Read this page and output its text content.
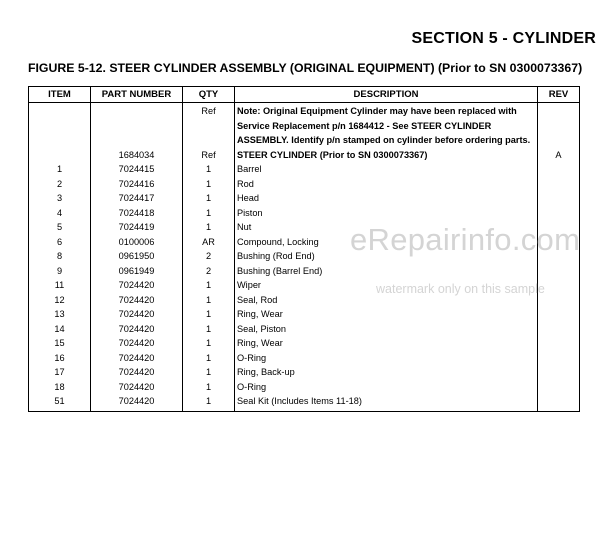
SECTION 5 - CYLINDER
FIGURE 5-12. STEER CYLINDER ASSEMBLY (ORIGINAL EQUIPMENT) (Prior to SN 0300073367)
ITEM	PART NUMBER	QTY	DESCRIPTION	REV
		Ref	Note: Original Equipment Cylinder may have been replaced with Service Replacement p/n 1684412 - See STEER CYLINDER ASSEMBLY. Identify p/n stamped on cylinder before ordering parts.	
	1684034	Ref	STEER CYLINDER (Prior to SN 0300073367)	A
1	7024415	1	Barrel	
2	7024416	1	Rod	
3	7024417	1	Head	
4	7024418	1	Piston	
5	7024419	1	Nut	
6	0100006	AR	Compound, Locking	
8	0961950	2	Bushing (Rod End)	
9	0961949	2	Bushing (Barrel End)	
11	7024420	1	Wiper	
12	7024420	1	Seal, Rod	
13	7024420	1	Ring, Wear	
14	7024420	1	Seal, Piston	
15	7024420	1	Ring, Wear	
16	7024420	1	O-Ring	
17	7024420	1	Ring, Back-up	
18	7024420	1	O-Ring	
51	7024420	1	Seal Kit (Includes Items 11-18)	
eRepairinfo.com
watermark only on this sample
